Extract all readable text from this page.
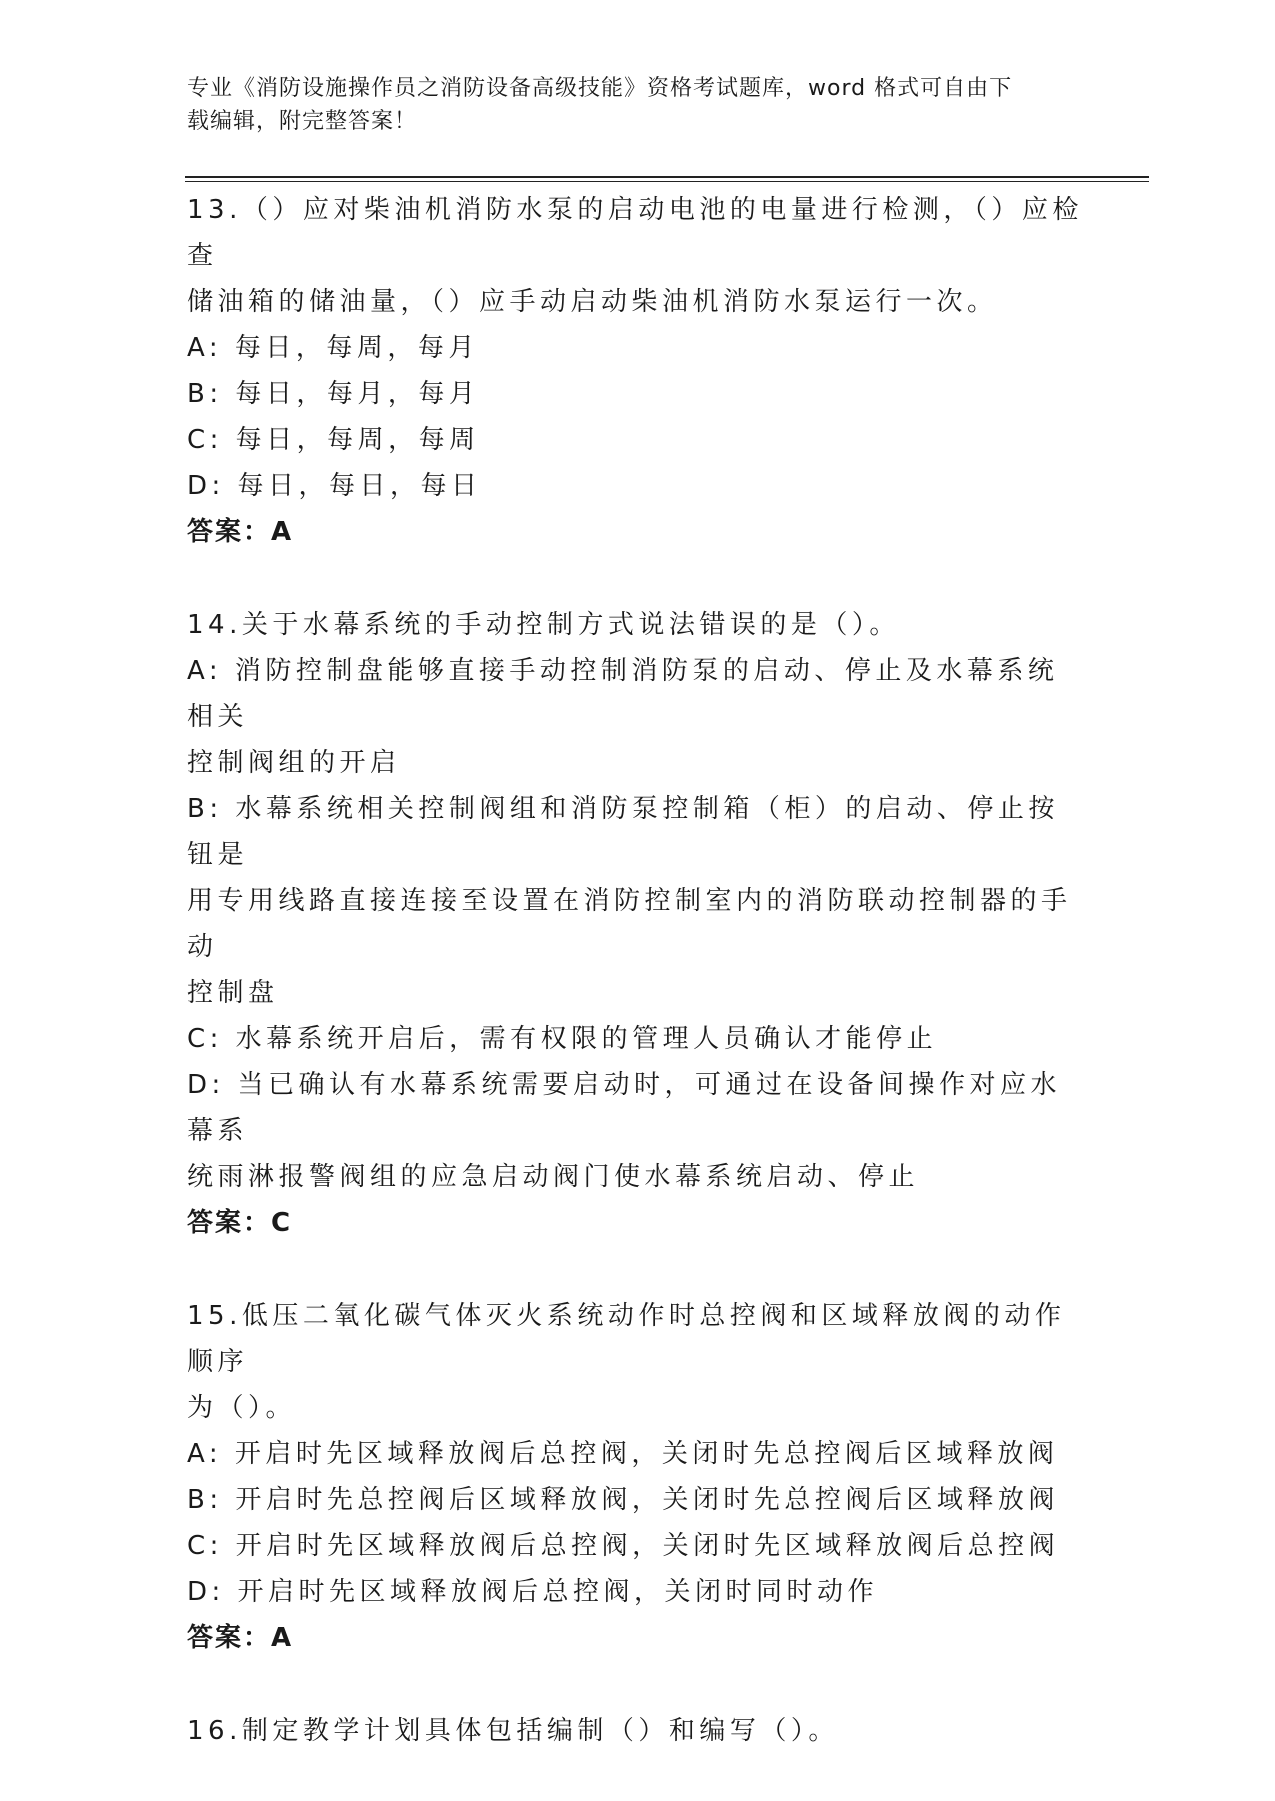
专业《消防设施操作员之消防设备高级技能》资格考试题库，word 格式可自由下
载编辑，附完整答案！
13.（）应对柴油机消防水泵的启动电池的电量进行检测，（）应检查
储油箱的储油量，（）应手动启动柴油机消防水泵运行一次。
A: 每日，每周，每月
B: 每日，每月，每月
C: 每日，每周，每周
D: 每日，每日，每日
答案：A
14.关于水幕系统的手动控制方式说法错误的是（）。
A: 消防控制盘能够直接手动控制消防泵的启动、停止及水幕系统相关
控制阀组的开启
B: 水幕系统相关控制阀组和消防泵控制箱（柜）的启动、停止按钮是
用专用线路直接连接至设置在消防控制室内的消防联动控制器的手动
控制盘
C: 水幕系统开启后，需有权限的管理人员确认才能停止
D: 当已确认有水幕系统需要启动时，可通过在设备间操作对应水幕系
统雨淋报警阀组的应急启动阀门使水幕系统启动、停止
答案：C
15.低压二氧化碳气体灭火系统动作时总控阀和区域释放阀的动作顺序
为（）。
A: 开启时先区域释放阀后总控阀，关闭时先总控阀后区域释放阀
B: 开启时先总控阀后区域释放阀，关闭时先总控阀后区域释放阀
C: 开启时先区域释放阀后总控阀，关闭时先区域释放阀后总控阀
D: 开启时先区域释放阀后总控阀，关闭时同时动作
答案：A
16.制定教学计划具体包括编制（）和编写（）。
